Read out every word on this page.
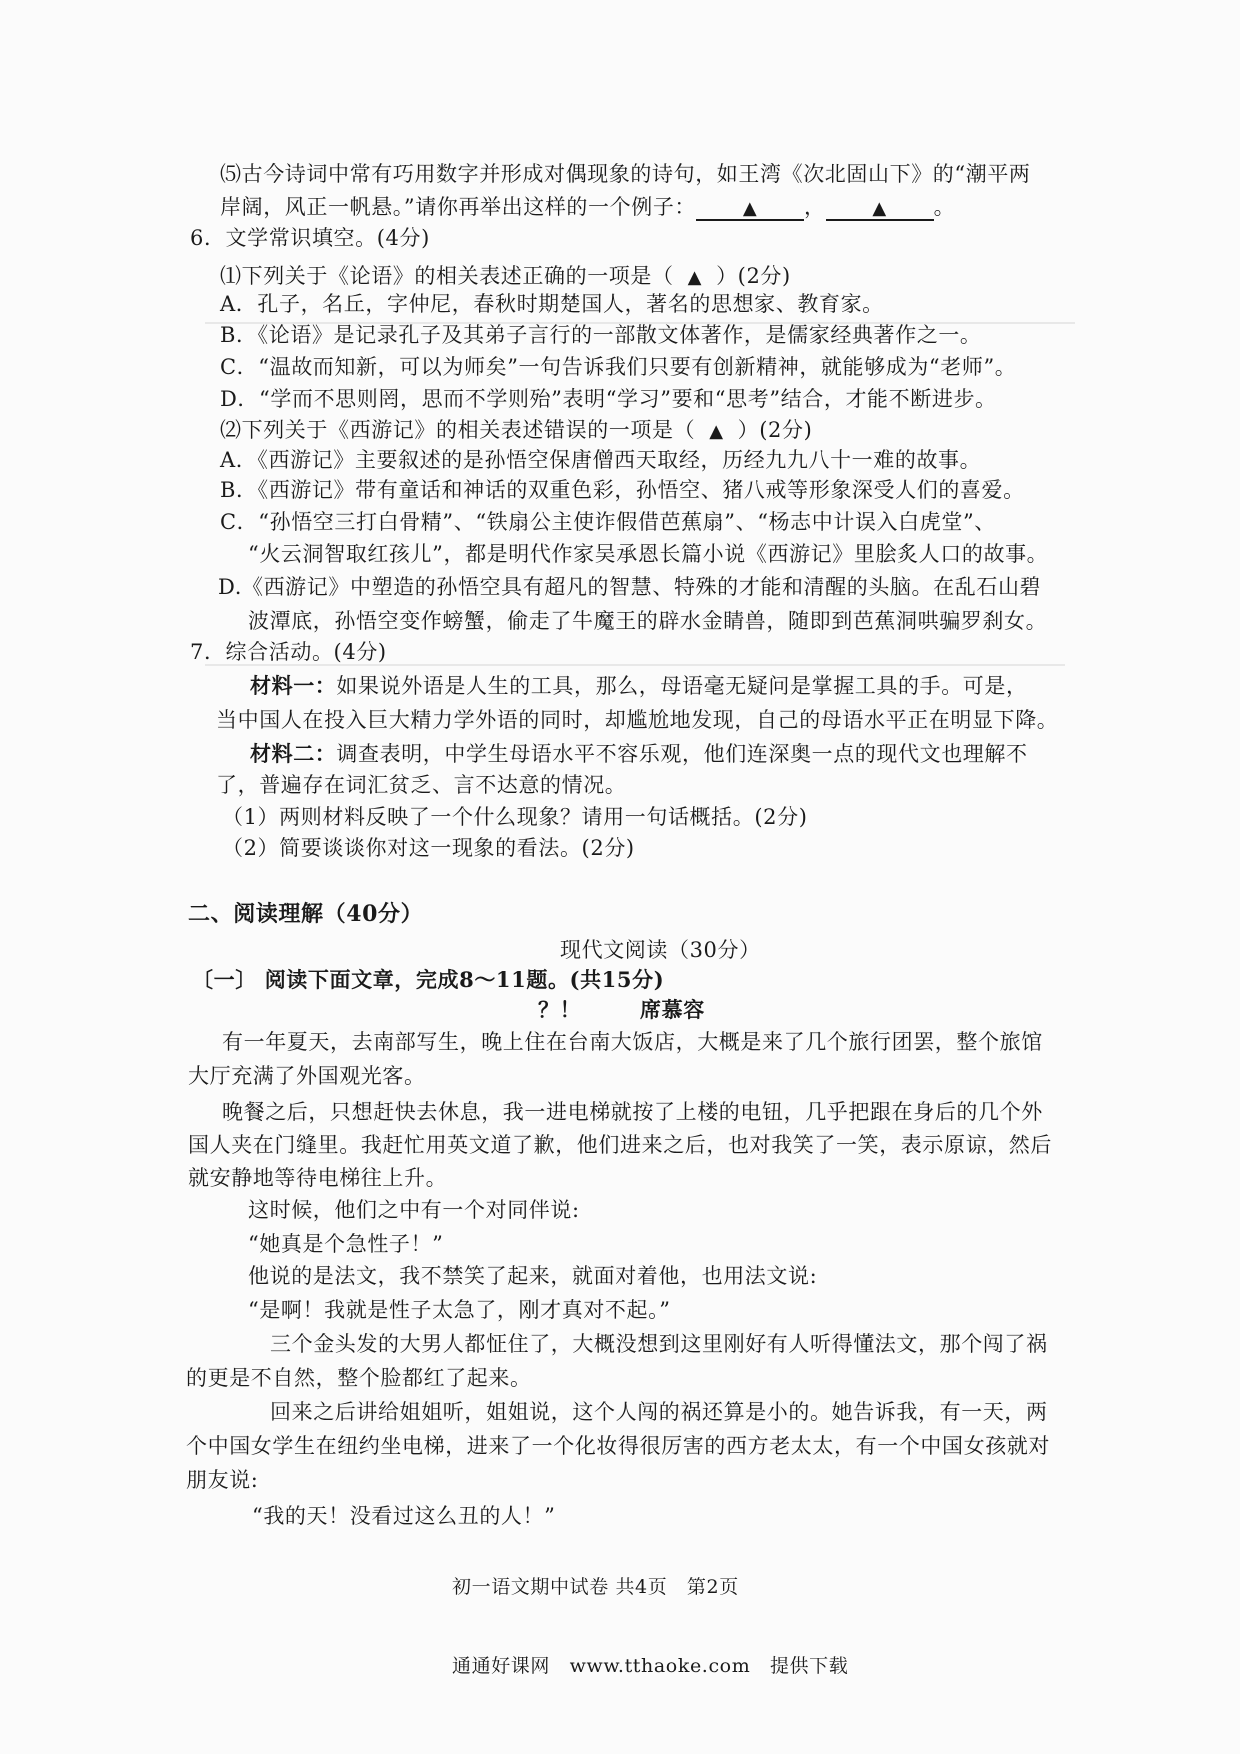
⑸古今诗词中常有巧用数字并形成对偶现象的诗句，如王湾《次北固山下》的“潮平两
岸阔，风正一帆悬。”请你再举出这样的一个例子：	▲ ，	▲ 。
6．文学常识填空。(4分)
⑴下列关于《论语》的相关表述正确的一项是（ ▲ ）(2分)
A．孔子，名丘，字仲尼，春秋时期楚国人，著名的思想家、教育家。
B．《论语》是记录孔子及其弟子言行的一部散文体著作，是儒家经典著作之一。
C．“温故而知新，可以为师矣”一句告诉我们只要有创新精神，就能够成为“老师”。
D．“学而不思则罔，思而不学则殆”表明“学习”要和“思考”结合，才能不断进步。
⑵下列关于《西游记》的相关表述错误的一项是（ ▲ ）(2分)
A．《西游记》主要叙述的是孙悟空保唐僧西天取经，历经九九八十一难的故事。
B．《西游记》带有童话和神话的双重色彩，孙悟空、猪八戒等形象深受人们的喜爱。
C．“孙悟空三打白骨精”、“铁扇公主使诈假借芭蕉扇”、“杨志中计误入白虎堂”、
“火云洞智取红孩儿”，都是明代作家吴承恩长篇小说《西游记》里脍炙人口的故事。
D.《西游记》中塑造的孙悟空具有超凡的智慧、特殊的才能和清醒的头脑。在乱石山碧
波潭底，孙悟空变作螃蟹，偷走了牛魔王的辟水金睛兽，随即到芭蕉洞哄骗罗刹女。
7．综合活动。(4分)
材料一：如果说外语是人生的工具，那么，母语毫无疑问是掌握工具的手。可是，
当中国人在投入巨大精力学外语的同时，却尴尬地发现，自己的母语水平正在明显下降。
材料二：调查表明，中学生母语水平不容乐观，他们连深奥一点的现代文也理解不
了，普遍存在词汇贫乏、言不达意的情况。
（1）两则材料反映了一个什么现象？请用一句话概括。(2分)
（2）简要谈谈你对这一现象的看法。(2分)
二、阅读理解（40分）
现代文阅读（30分）
〔一〕 阅读下面文章，完成8～11题。(共15分)
？！	席慕容
有一年夏天，去南部写生，晚上住在台南大饭店，大概是来了几个旅行团罢，整个旅馆
大厅充满了外国观光客。
晚餐之后，只想赶快去休息，我一进电梯就按了上楼的电钮，几乎把跟在身后的几个外
国人夹在门缝里。我赶忙用英文道了歉，他们进来之后，也对我笑了一笑，表示原谅，然后
就安静地等待电梯往上升。
这时候，他们之中有一个对同伴说:
“她真是个急性子！”
他说的是法文，我不禁笑了起来，就面对着他，也用法文说:
“是啊！我就是性子太急了，刚才真对不起。”
三个金头发的大男人都怔住了，大概没想到这里刚好有人听得懂法文，那个闯了祸
的更是不自然，整个脸都红了起来。
回来之后讲给姐姐听，姐姐说，这个人闯的祸还算是小的。她告诉我，有一天，两
个中国女学生在纽约坐电梯，进来了一个化妆得很厉害的西方老太太，有一个中国女孩就对
朋友说:
“我的天！没看过这么丑的人！”
初一语文期中试卷 共4页　第2页
通通好课网　www.tthaoke.com　提供下载
